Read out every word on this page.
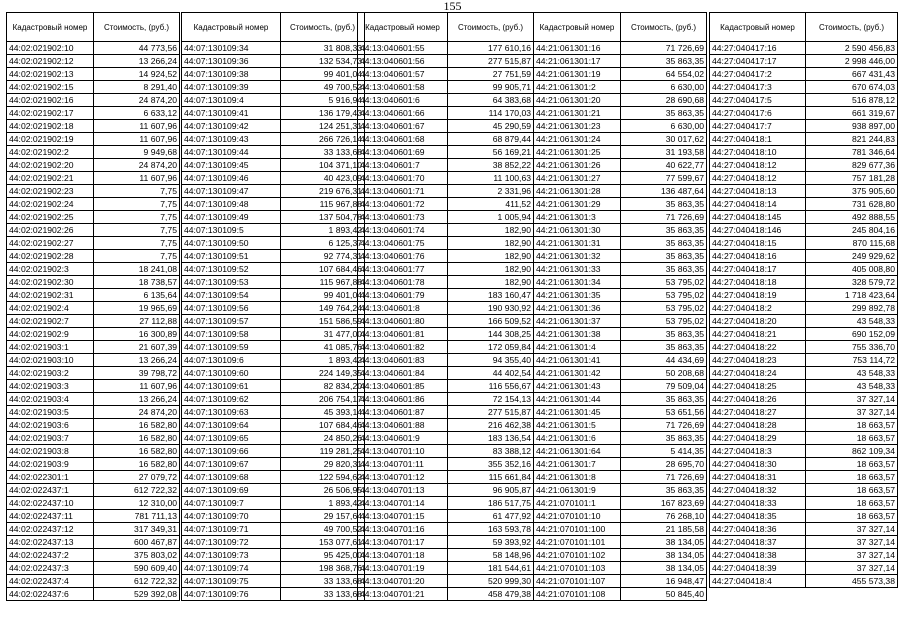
155
Кадастровый номер	Стоимость, (руб.)
44:02:021902:10	44 773,56
44:02:021902:12	13 266,24
44:02:021902:13	14 924,52
44:02:021902:15	8 291,40
44:02:021902:16	24 874,20
44:02:021902:17	6 633,12
44:02:021902:18	11 607,96
44:02:021902:19	11 607,96
44:02:021902:2	9 949,68
44:02:021902:20	24 874,20
44:02:021902:21	11 607,96
44:02:021902:23	7,75
44:02:021902:24	7,75
44:02:021902:25	7,75
44:02:021902:26	7,75
44:02:021902:27	7,75
44:02:021902:28	7,75
44:02:021902:3	18 241,08
44:02:021902:30	18 738,57
44:02:021902:31	6 135,64
44:02:021902:4	19 965,69
44:02:021902:7	27 112,88
44:02:021902:9	16 300,89
44:02:021903:1	21 607,39
44:02:021903:10	13 266,24
44:02:021903:2	39 798,72
44:02:021903:3	11 607,96
44:02:021903:4	13 266,24
44:02:021903:5	24 874,20
44:02:021903:6	16 582,80
44:02:021903:7	16 582,80
44:02:021903:8	16 582,80
44:02:021903:9	16 582,80
44:02:022301:1	27 079,72
44:02:022437:1	612 722,32
44:02:022437:10	12 310,00
44:02:022437:11	781 711,13
44:02:022437:12	317 349,31
44:02:022437:13	600 467,87
44:02:022437:2	375 803,02
44:02:022437:3	590 609,40
44:02:022437:4	612 722,32
44:02:022437:6	529 392,08
Кадастровый номер	Стоимость, (руб.)
44:07:130109:34	31 808,33
44:07:130109:36	132 534,73
44:07:130109:38	99 401,04
44:07:130109:39	49 700,52
44:07:130109:4	5 916,94
44:07:130109:41	136 179,43
44:07:130109:42	124 251,31
44:07:130109:43	266 726,14
44:07:130109:44	33 133,68
44:07:130109:45	104 371,10
44:07:130109:46	40 423,09
44:07:130109:47	219 676,31
44:07:130109:48	115 967,88
44:07:130109:49	137 504,78
44:07:130109:5	1 893,42
44:07:130109:50	6 125,37
44:07:130109:51	92 774,31
44:07:130109:52	107 684,46
44:07:130109:53	115 967,88
44:07:130109:54	99 401,04
44:07:130109:56	149 764,24
44:07:130109:57	151 586,59
44:07:130109:58	31 477,00
44:07:130109:59	41 085,76
44:07:130109:6	1 893,42
44:07:130109:60	224 149,35
44:07:130109:61	82 834,20
44:07:130109:62	206 754,17
44:07:130109:63	45 393,14
44:07:130109:64	107 684,46
44:07:130109:65	24 850,26
44:07:130109:66	119 281,25
44:07:130109:67	29 820,31
44:07:130109:68	122 594,62
44:07:130109:69	26 506,95
44:07:130109:7	1 893,42
44:07:130109:70	29 157,64
44:07:130109:71	49 700,52
44:07:130109:72	153 077,61
44:07:130109:73	95 425,00
44:07:130109:74	198 368,76
44:07:130109:75	33 133,68
44:07:130109:76	33 133,68
Кадастровый номер	Стоимость, (руб.)
44:13:040601:55	177 610,16
44:13:040601:56	277 515,87
44:13:040601:57	27 751,59
44:13:040601:58	99 905,71
44:13:040601:6	64 383,68
44:13:040601:66	114 170,03
44:13:040601:67	45 290,59
44:13:040601:68	68 879,44
44:13:040601:69	56 169,21
44:13:040601:7	38 852,22
44:13:040601:70	11 100,63
44:13:040601:71	2 331,96
44:13:040601:72	411,52
44:13:040601:73	1 005,94
44:13:040601:74	182,90
44:13:040601:75	182,90
44:13:040601:76	182,90
44:13:040601:77	182,90
44:13:040601:78	182,90
44:13:040601:79	183 160,47
44:13:040601:8	190 930,92
44:13:040601:80	166 509,52
44:13:040601:81	144 308,25
44:13:040601:82	172 059,84
44:13:040601:83	94 355,40
44:13:040601:84	44 402,54
44:13:040601:85	116 556,67
44:13:040601:86	72 154,13
44:13:040601:87	277 515,87
44:13:040601:88	216 462,38
44:13:040601:9	183 136,54
44:13:040701:10	83 388,12
44:13:040701:11	355 352,16
44:13:040701:12	115 661,84
44:13:040701:13	96 905,87
44:13:040701:14	186 517,75
44:13:040701:15	61 477,92
44:13:040701:16	163 593,78
44:13:040701:17	59 393,92
44:13:040701:18	58 148,96
44:13:040701:19	181 544,61
44:13:040701:20	520 999,30
44:13:040701:21	458 479,38
Кадастровый номер	Стоимость, (руб.)
44:21:061301:16	71 726,69
44:21:061301:17	35 863,35
44:21:061301:19	64 554,02
44:21:061301:2	6 630,00
44:21:061301:20	28 690,68
44:21:061301:21	35 863,35
44:21:061301:23	6 630,00
44:21:061301:24	30 017,62
44:21:061301:25	31 193,58
44:21:061301:26	40 622,77
44:21:061301:27	77 599,67
44:21:061301:28	136 487,64
44:21:061301:29	35 863,35
44:21:061301:3	71 726,69
44:21:061301:30	35 863,35
44:21:061301:31	35 863,35
44:21:061301:32	35 863,35
44:21:061301:33	35 863,35
44:21:061301:34	53 795,02
44:21:061301:35	53 795,02
44:21:061301:36	53 795,02
44:21:061301:37	53 795,02
44:21:061301:38	35 863,35
44:21:061301:4	35 863,35
44:21:061301:41	44 434,69
44:21:061301:42	50 208,68
44:21:061301:43	79 509,04
44:21:061301:44	35 863,35
44:21:061301:45	53 651,56
44:21:061301:5	71 726,69
44:21:061301:6	35 863,35
44:21:061301:64	5 414,35
44:21:061301:7	28 695,70
44:21:061301:8	71 726,69
44:21:061301:9	35 863,35
44:21:070101:1	167 823,69
44:21:070101:10	76 268,10
44:21:070101:100	21 185,58
44:21:070101:101	38 134,05
44:21:070101:102	38 134,05
44:21:070101:103	38 134,05
44:21:070101:107	16 948,47
44:21:070101:108	50 845,40
Кадастровый номер	Стоимость, (руб.)
44:27:040417:16	2 590 456,83
44:27:040417:17	2 998 446,00
44:27:040417:2	667 431,43
44:27:040417:3	670 674,03
44:27:040417:5	516 878,12
44:27:040417:6	661 319,67
44:27:040417:7	938 897,00
44:27:040418:1	821 244,83
44:27:040418:10	781 346,64
44:27:040418:12	829 677,36
44:27:040418:12	757 181,28
44:27:040418:13	375 905,60
44:27:040418:14	731 628,80
44:27:040418:145	492 888,55
44:27:040418:146	245 804,16
44:27:040418:15	870 115,68
44:27:040418:16	249 929,62
44:27:040418:17	405 008,80
44:27:040418:18	328 579,72
44:27:040418:19	1 718 423,64
44:27:040418:2	299 892,78
44:27:040418:20	43 548,33
44:27:040418:21	690 152,09
44:27:040418:22	755 336,70
44:27:040418:23	753 114,72
44:27:040418:24	43 548,33
44:27:040418:25	43 548,33
44:27:040418:26	37 327,14
44:27:040418:27	37 327,14
44:27:040418:28	18 663,57
44:27:040418:29	18 663,57
44:27:040418:3	862 109,34
44:27:040418:30	18 663,57
44:27:040418:31	18 663,57
44:27:040418:32	18 663,57
44:27:040418:33	18 663,57
44:27:040418:35	18 663,57
44:27:040418:36	37 327,14
44:27:040418:37	37 327,14
44:27:040418:38	37 327,14
44:27:040418:39	37 327,14
44:27:040418:4	455 573,38
